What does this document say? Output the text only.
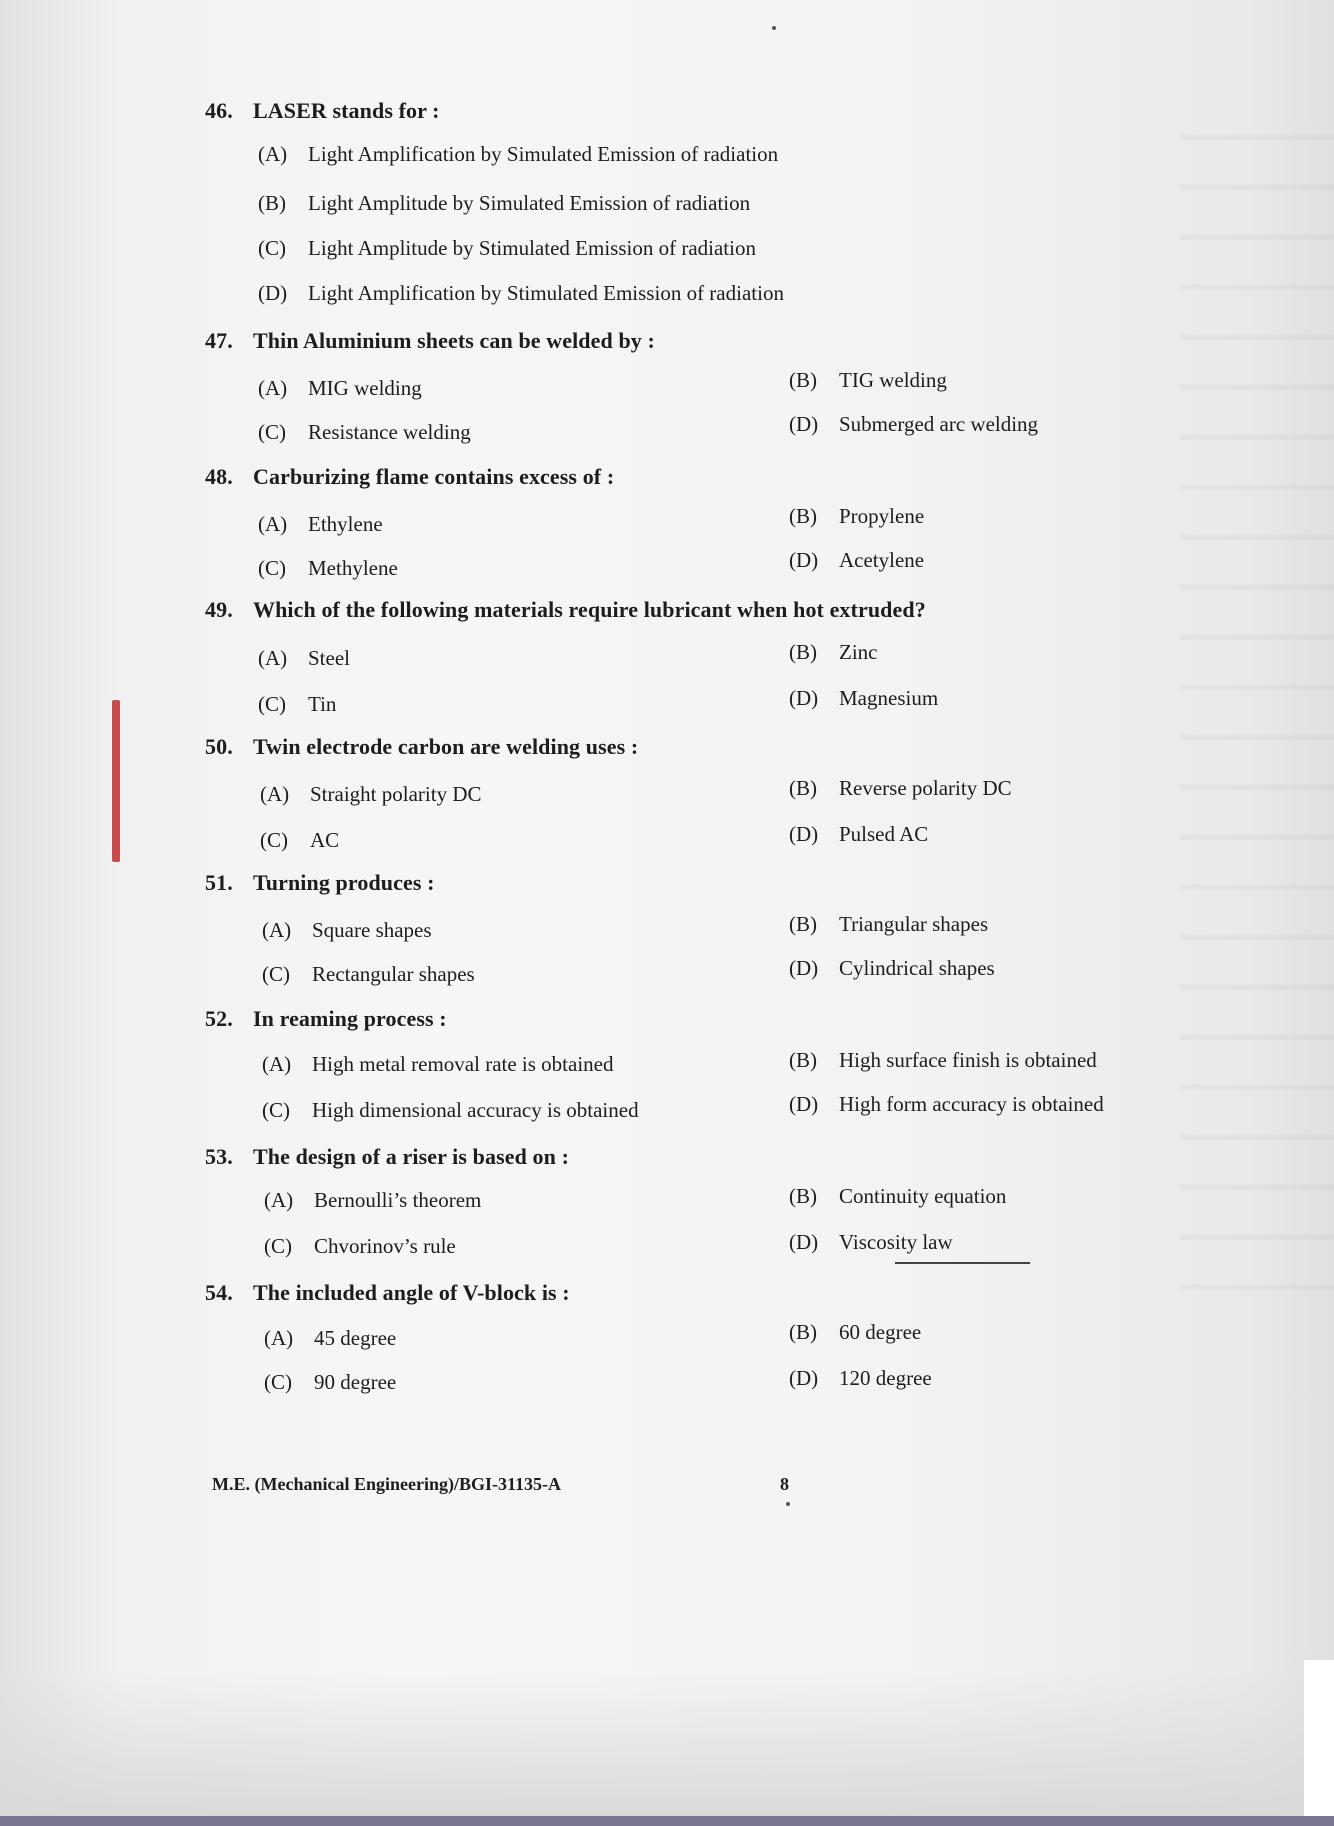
46. LASER stands for :
(A) Light Amplification by Simulated Emission of radiation
(B) Light Amplitude by Simulated Emission of radiation
(C) Light Amplitude by Stimulated Emission of radiation
(D) Light Amplification by Stimulated Emission of radiation
47. Thin Aluminium sheets can be welded by :
(A) MIG welding	(B) TIG welding
(C) Resistance welding	(D) Submerged arc welding
48. Carburizing flame contains excess of :
(A) Ethylene	(B) Propylene
(C) Methylene	(D) Acetylene
49. Which of the following materials require lubricant when hot extruded?
(A) Steel	(B) Zinc
(C) Tin	(D) Magnesium
50. Twin electrode carbon are welding uses :
(A) Straight polarity DC	(B) Reverse polarity DC
(C) AC	(D) Pulsed AC
51. Turning produces :
(A) Square shapes	(B) Triangular shapes
(C) Rectangular shapes	(D) Cylindrical shapes
52. In reaming process :
(A) High metal removal rate is obtained	(B) High surface finish is obtained
(C) High dimensional accuracy is obtained	(D) High form accuracy is obtained
53. The design of a riser is based on :
(A) Bernoulli’s theorem	(B) Continuity equation
(C) Chvorinov’s rule	(D) Viscosity law
54. The included angle of V-block is :
(A) 45 degree	(B) 60 degree
(C) 90 degree	(D) 120 degree
M.E. (Mechanical Engineering)/BGI-31135-A	8
